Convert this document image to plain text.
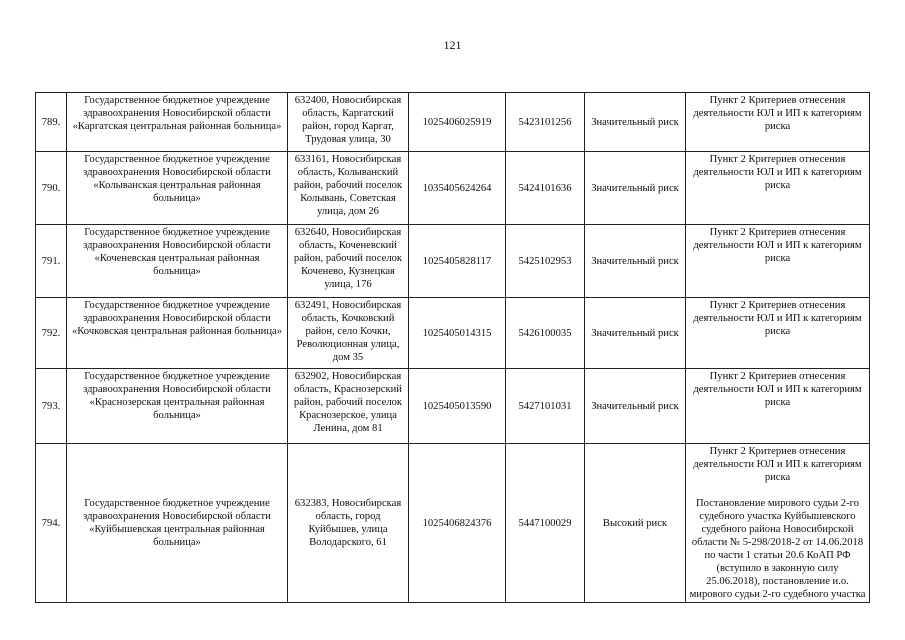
121
789.	Государственное бюджетное учреждение здравоохранения Новосибирской области «Каргатская центральная районная больница»	632400, Новосибирская область, Каргатский район, город Каргат, Трудовая улица, 30	1025406025919	5423101256	Значительный риск	Пункт 2 Критериев отнесения деятельности ЮЛ и ИП к категориям риска

790.	Государственное бюджетное учреждение здравоохранения Новосибирской области «Колыванская центральная районная больница»	633161, Новосибирская область, Колыванский район, рабочий поселок Колывань, Советская улица, дом 26	1035405624264	5424101636	Значительный риск	Пункт 2 Критериев отнесения деятельности ЮЛ и ИП к категориям риска

791.	Государственное бюджетное учреждение здравоохранения Новосибирской области «Коченевская центральная районная больница»	632640, Новосибирская область, Коченевский район, рабочий поселок Коченево, Кузнецкая улица, 176	1025405828117	5425102953	Значительный риск	Пункт 2 Критериев отнесения деятельности ЮЛ и ИП к категориям риска

792.	Государственное бюджетное учреждение здравоохранения Новосибирской области «Кочковская центральная районная больница»	632491, Новосибирская область, Кочковский район, село Кочки, Революционная улица, дом 35	1025405014315	5426100035	Значительный риск	Пункт 2 Критериев отнесения деятельности ЮЛ и ИП к категориям риска

793.	Государственное бюджетное учреждение здравоохранения Новосибирской области «Краснозерская центральная районная больница»	632902, Новосибирская область, Краснозерский район, рабочий поселок Краснозерское, улица Ленина, дом 81	1025405013590	5427101031	Значительный риск	Пункт 2 Критериев отнесения деятельности ЮЛ и ИП к категориям риска

794.	Государственное бюджетное учреждение здравоохранения Новосибирской области «Куйбышевская центральная районная больница»	632383, Новосибирская область, город Куйбышев, улица Володарского, 61	1025406824376	5447100029	Высокий риск	Пункт 2 Критериев отнесения деятельности ЮЛ и ИП к категориям риска
Постановление мирового судьи 2-го судебного участка Куйбышевского судебного района Новосибирской области № 5-298/2018-2 от 14.06.2018 по части 1 статьи 20.6 КоАП РФ (вступило в законную силу 25.06.2018), постановление и.о. мирового судьи 2-го судебного участка
